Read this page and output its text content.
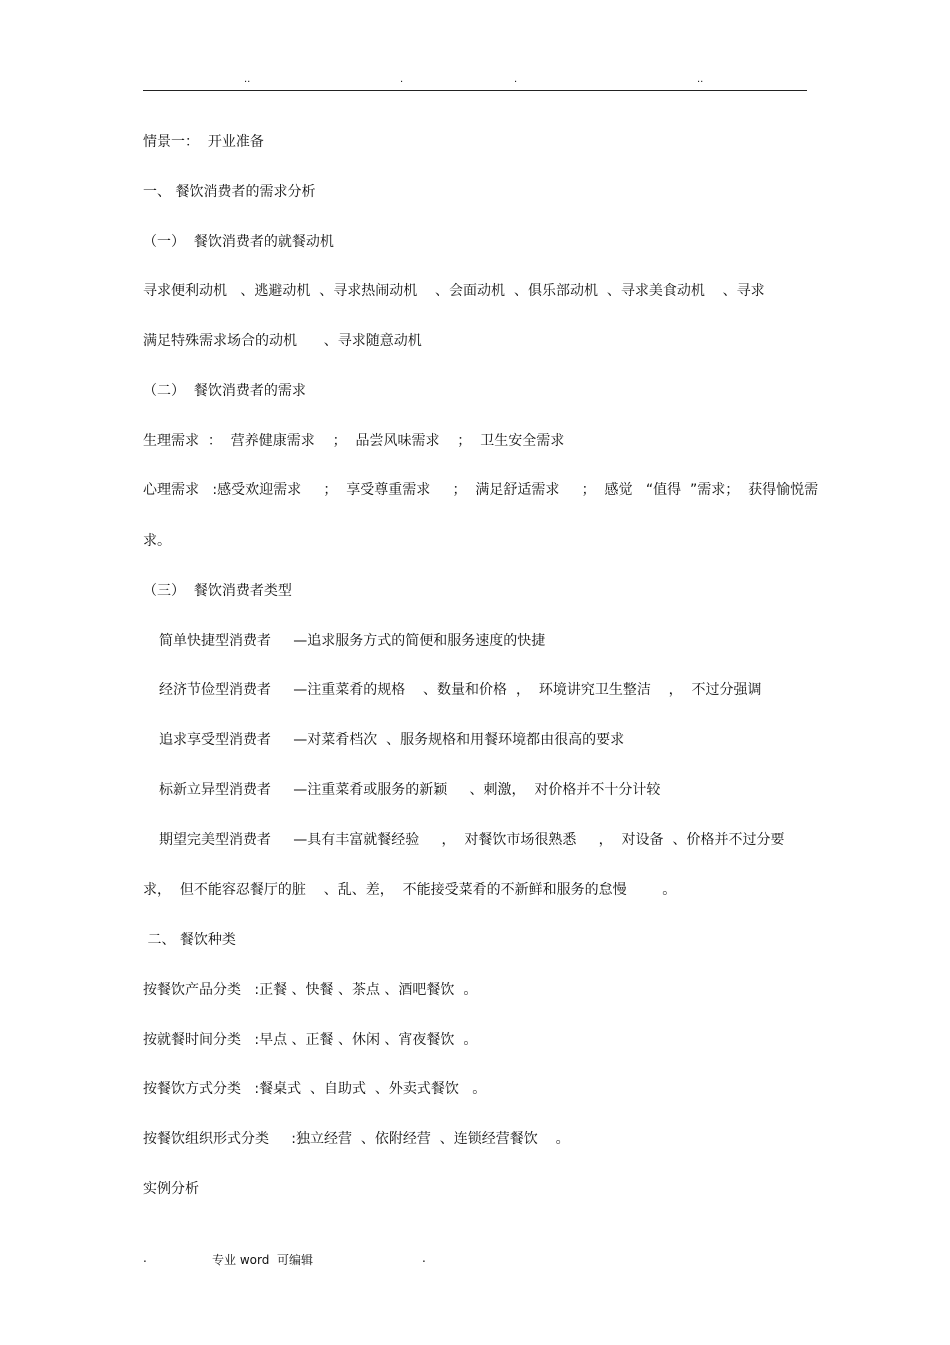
..	.	.	..
情景一：  开业准备
一、 餐饮消费者的需求分析
（一）  餐饮消费者的就餐动机
寻求便利动机   、逃避动机  、寻求热闹动机    、会面动机  、俱乐部动机  、寻求美食动机    、寻求
满足特殊需求场合的动机      、寻求随意动机
（二）  餐饮消费者的需求
生理需求  ：  营养健康需求    ；  品尝风味需求    ；  卫生安全需求
心理需求   :感受欢迎需求     ；  享受尊重需求     ；  满足舒适需求     ；  感觉   “值得  ”需求；  获得愉悦需
求。
（三）  餐饮消费者类型
简单快捷型消费者     —追求服务方式的简便和服务速度的快捷
经济节俭型消费者     —注重菜肴的规格    、数量和价格  ，  环境讲究卫生整洁    ，  不过分强调
追求享受型消费者     —对菜肴档次  、服务规格和用餐环境都由很高的要求
标新立异型消费者     —注重菜肴或服务的新颖     、刺激，  对价格并不十分计较
期望完美型消费者     —具有丰富就餐经验     ，  对餐饮市场很熟悉     ，  对设备  、价格并不过分要
求，  但不能容忍餐厅的脏    、乱、差，  不能接受菜肴的不新鲜和服务的怠慢        。
二、 餐饮种类
按餐饮产品分类   :正餐 、快餐 、茶点 、酒吧餐饮  。
按就餐时间分类   :早点 、正餐 、休闲 、宵夜餐饮  。
按餐饮方式分类   :餐桌式  、自助式  、外卖式餐饮   。
按餐饮组织形式分类     :独立经营  、依附经营  、连锁经营餐饮    。
实例分析
.	专业 word  可编辑	.
